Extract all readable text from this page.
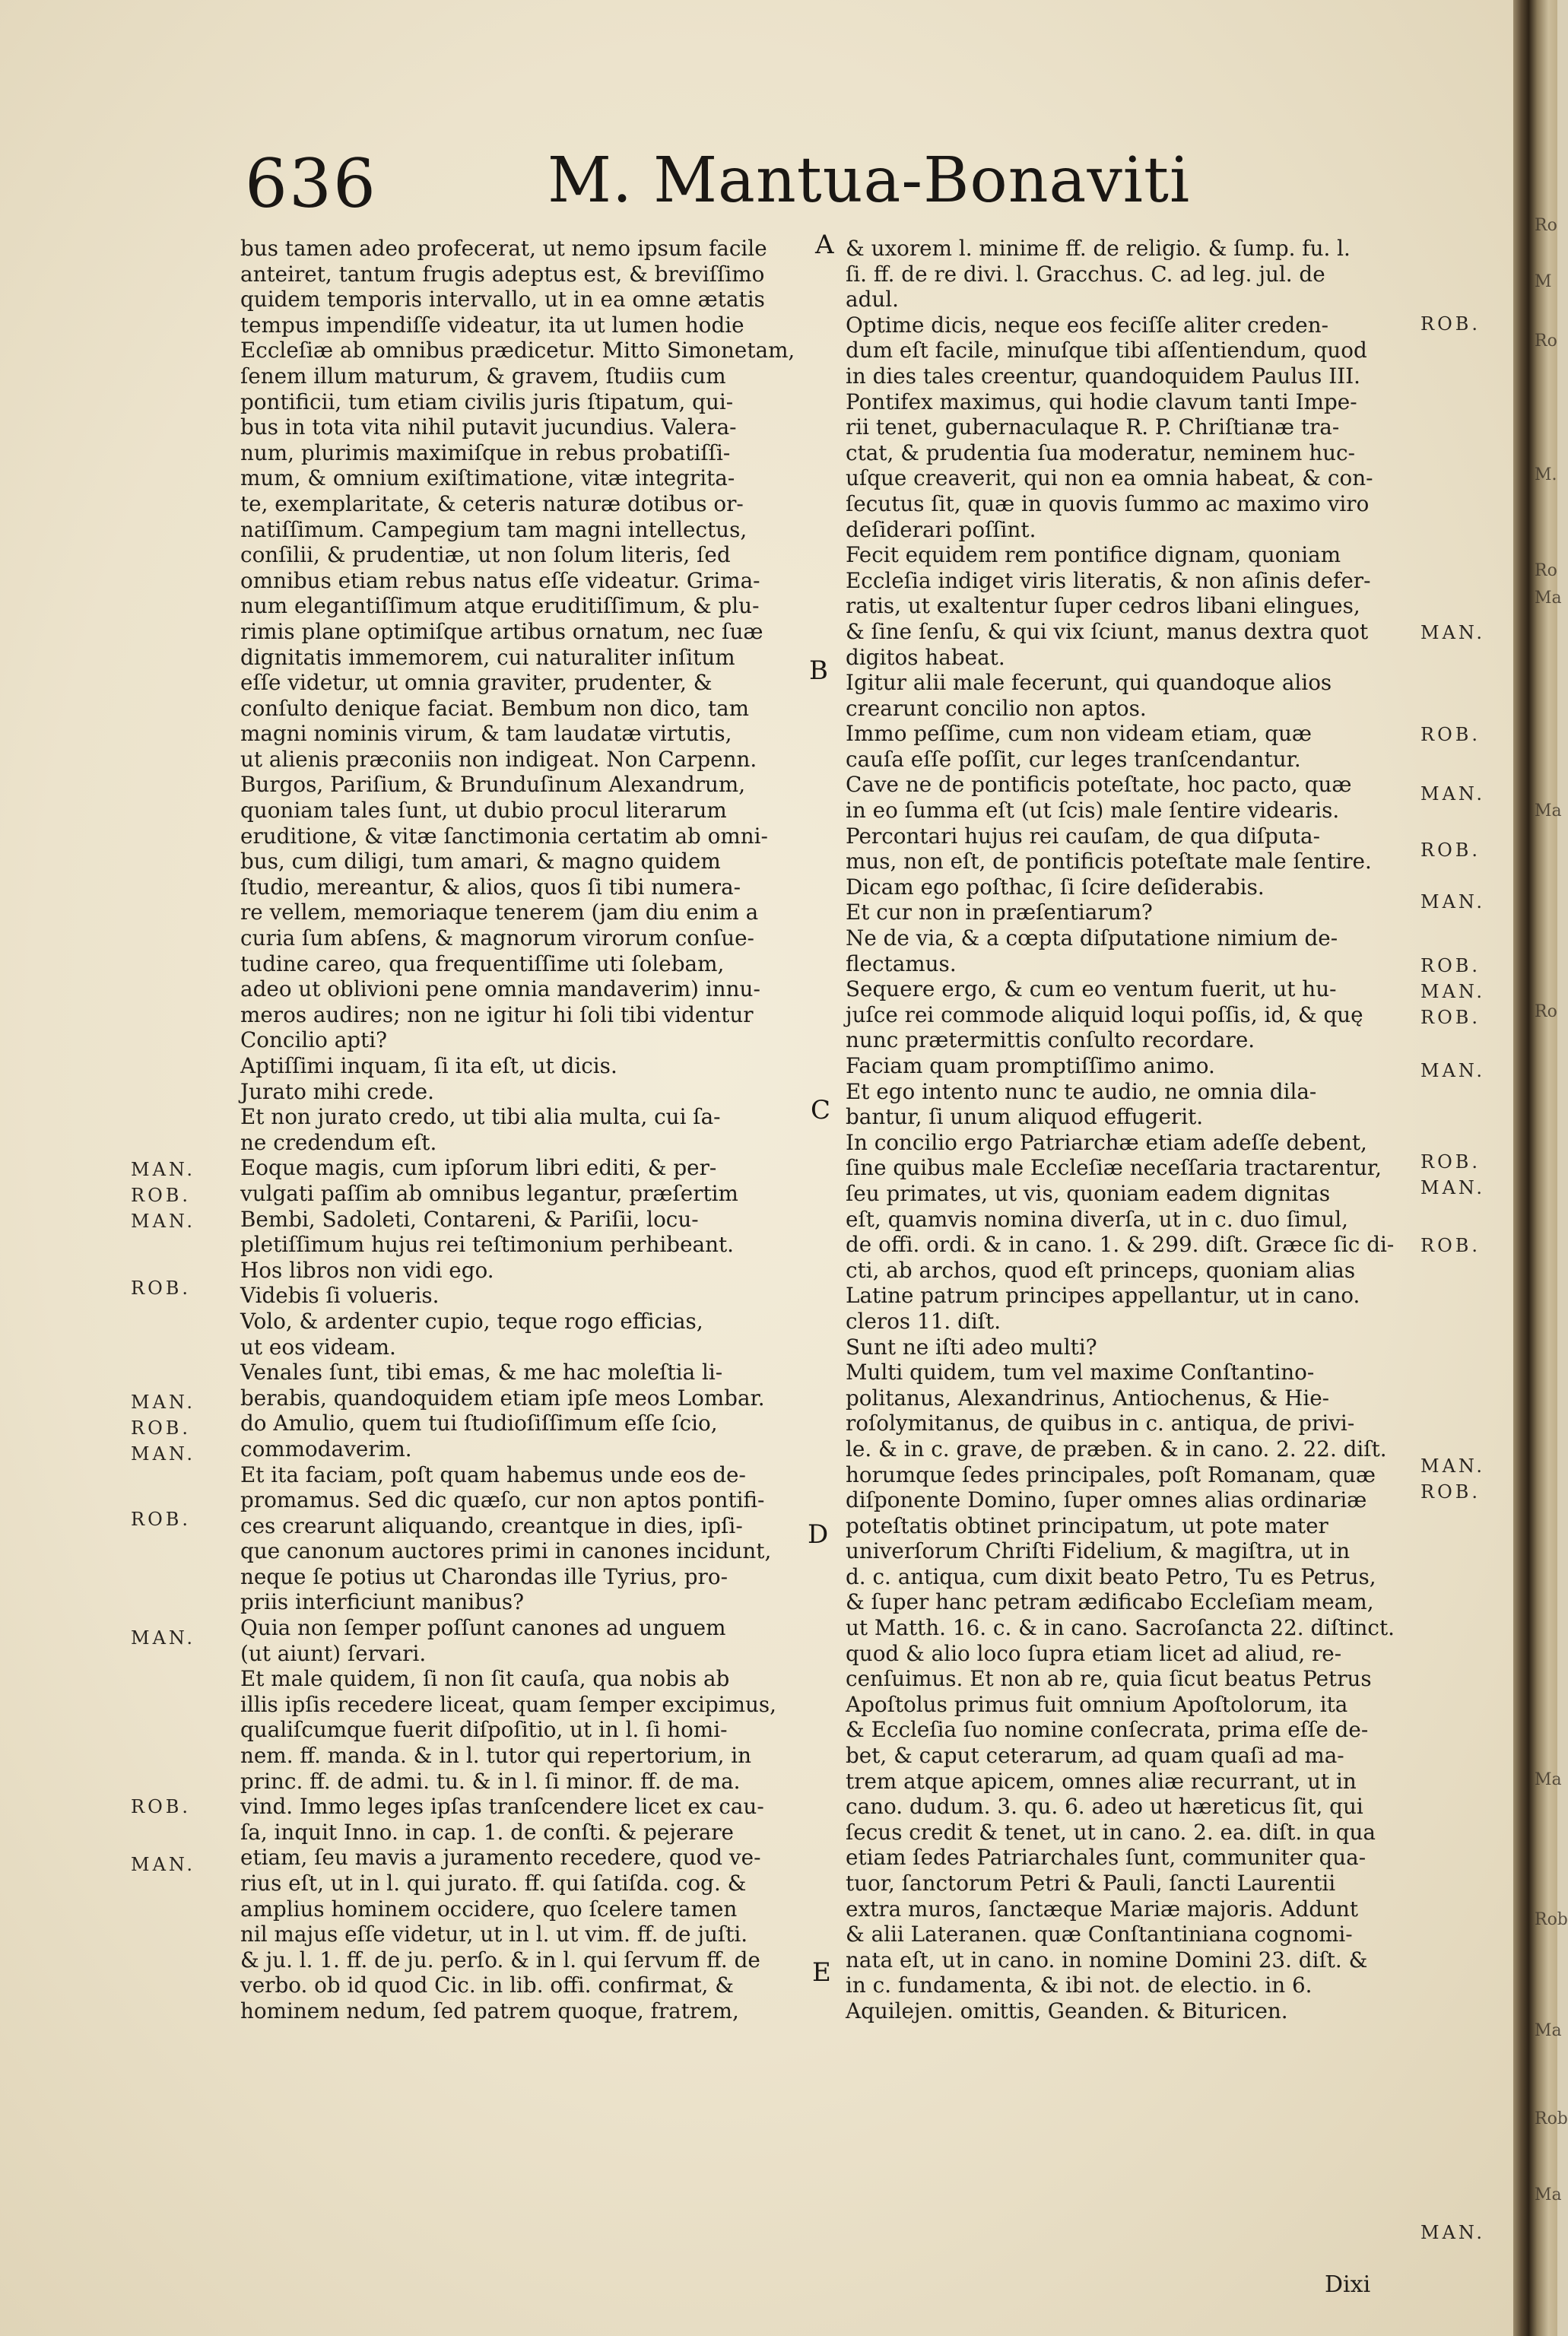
636	M. Mantua-Bonaviti
A
B
C
D
E
bus tamen adeo profecerat, ut nemo ipsum facile
anteiret, tantum frugis adeptus est, & breviſſimo
quidem temporis intervallo, ut in ea omne ætatis
tempus impendiſſe videatur, ita ut lumen hodie
Eccleſiæ ab omnibus prædicetur. Mitto Simonetam,
ſenem illum maturum, & gravem, ſtudiis cum
pontificii, tum etiam civilis juris ſtipatum, qui-
bus in tota vita nihil putavit jucundius. Valera-
num, plurimis maximiſque in rebus probatiſſi-
mum, & omnium exiſtimatione, vitæ integrita-
te, exemplaritate, & ceteris naturæ dotibus or-
natiſſimum. Campegium tam magni intellectus,
conſilii, & prudentiæ, ut non ſolum literis, ſed
omnibus etiam rebus natus eſſe videatur. Grima-
num elegantiſſimum atque eruditiſſimum, & plu-
rimis plane optimiſque artibus ornatum, nec ſuæ
dignitatis immemorem, cui naturaliter inſitum
eſſe videtur, ut omnia graviter, prudenter, &
conſulto denique faciat. Bembum non dico, tam
magni nominis virum, & tam laudatæ virtutis,
ut alienis præconiis non indigeat. Non Carpenn.
Burgos, Pariſium, & Brunduſinum Alexandrum,
quoniam tales ſunt, ut dubio procul literarum
eruditione, & vitæ ſanctimonia certatim ab omni-
bus, cum diligi, tum amari, & magno quidem
ſtudio, mereantur, & alios, quos ſi tibi numera-
re vellem, memoriaque tenerem (jam diu enim a
curia ſum abſens, & magnorum virorum conſue-
tudine careo, qua frequentiſſime uti ſolebam,
adeo ut oblivioni pene omnia mandaverim) innu-
meros audires; non ne igitur hi ſoli tibi videntur
Concilio apti?
Aptiſſimi inquam, ſi ita eſt, ut dicis.
Jurato mihi crede.
Et non jurato credo, ut tibi alia multa, cui ſa-
ne credendum eſt.
Eoque magis, cum ipſorum libri editi, & per-
vulgati paſſim ab omnibus legantur, præſertim
Bembi, Sadoleti, Contareni, & Pariſii, locu-
pletiſſimum hujus rei teſtimonium perhibeant.
Hos libros non vidi ego.
Videbis ſi volueris.
Volo, & ardenter cupio, teque rogo efficias,
ut eos videam.
Venales ſunt, tibi emas, & me hac moleſtia li-
berabis, quandoquidem etiam ipſe meos Lombar.
do Amulio, quem tui ſtudioſiſſimum eſſe ſcio,
commodaverim.
Et ita faciam, poſt quam habemus unde eos de-
promamus. Sed dic quæſo, cur non aptos pontifi-
ces crearunt aliquando, creantque in dies, ipſi-
que canonum auctores primi in canones incidunt,
neque ſe potius ut Charondas ille Tyrius, pro-
priis interficiunt manibus?
Quia non ſemper poſſunt canones ad unguem
(ut aiunt) ſervari.
Et male quidem, ſi non ſit cauſa, qua nobis ab
illis ipſis recedere liceat, quam ſemper excipimus,
qualiſcumque fuerit diſpoſitio, ut in l. ſi homi-
nem. ff. manda. & in l. tutor qui repertorium, in
princ. ff. de admi. tu. & in l. ſi minor. ff. de ma.
vind. Immo leges ipſas tranſcendere licet ex cau-
ſa, inquit Inno. in cap. 1. de conſti. & pejerare
etiam, ſeu mavis a juramento recedere, quod ve-
rius eſt, ut in l. qui jurato. ff. qui ſatiſda. cog. &
amplius hominem occidere, quo ſcelere tamen
nil majus eſſe videtur, ut in l. ut vim. ff. de juſti.
& ju. l. 1. ff. de ju. perſo. & in l. qui ſervum ff. de
verbo. ob id quod Cic. in lib. offi. confirmat, &
hominem nedum, ſed patrem quoque, fratrem,
& uxorem l. minime ff. de religio. & ſump. fu. l.
ſi. ff. de re divi. l. Gracchus. C. ad leg. jul. de
adul.
Optime dicis, neque eos feciſſe aliter creden-
dum eſt facile, minuſque tibi aſſentiendum, quod
in dies tales creentur, quandoquidem Paulus III.
Pontifex maximus, qui hodie clavum tanti Impe-
rii tenet, gubernaculaque R. P. Chriſtianæ tra-
ctat, & prudentia ſua moderatur, neminem huc-
uſque creaverit, qui non ea omnia habeat, & con-
ſecutus ſit, quæ in quovis ſummo ac maximo viro
deſiderari poſſint.
Fecit equidem rem pontifice dignam, quoniam
Eccleſia indiget viris literatis, & non aſinis defer-
ratis, ut exaltentur ſuper cedros libani elingues,
& ſine ſenſu, & qui vix ſciunt, manus dextra quot
digitos habeat.
Igitur alii male fecerunt, qui quandoque alios
crearunt concilio non aptos.
Immo peſſime, cum non videam etiam, quæ
cauſa eſſe poſſit, cur leges tranſcendantur.
Cave ne de pontificis poteſtate, hoc pacto, quæ
in eo ſumma eſt (ut ſcis) male ſentire videaris.
Percontari hujus rei cauſam, de qua diſputa-
mus, non eſt, de pontificis poteſtate male ſentire.
Dicam ego poſthac, ſi ſcire deſiderabis.
Et cur non in præſentiarum?
Ne de via, & a cœpta diſputatione nimium de-
flectamus.
Sequere ergo, & cum eo ventum fuerit, ut hu-
juſce rei commode aliquid loqui poſſis, id, & quę
nunc prætermittis conſulto recordare.
Faciam quam promptiſſimo animo.
Et ego intento nunc te audio, ne omnia dila-
bantur, ſi unum aliquod effugerit.
In concilio ergo Patriarchæ etiam adeſſe debent,
ſine quibus male Eccleſiæ neceſſaria tractarentur,
ſeu primates, ut vis, quoniam eadem dignitas
eſt, quamvis nomina diverſa, ut in c. duo ſimul,
de offi. ordi. & in cano. 1. & 299. diſt. Græce ſic di-
cti, ab archos, quod eſt princeps, quoniam alias
Latine patrum principes appellantur, ut in cano.
cleros 11. diſt.
Sunt ne iſti adeo multi?
Multi quidem, tum vel maxime Conſtantino-
politanus, Alexandrinus, Antiochenus, & Hie-
roſolymitanus, de quibus in c. antiqua, de privi-
le. & in c. grave, de præben. & in cano. 2. 22. diſt.
horumque ſedes principales, poſt Romanam, quæ
diſponente Domino, ſuper omnes alias ordinariæ
poteſtatis obtinet principatum, ut pote mater
univerſorum Chriſti Fidelium, & magiſtra, ut in
d. c. antiqua, cum dixit beato Petro, Tu es Petrus,
& ſuper hanc petram ædificabo Eccleſiam meam,
ut Matth. 16. c. & in cano. Sacroſancta 22. diſtinct.
quod & alio loco ſupra etiam licet ad aliud, re-
cenſuimus. Et non ab re, quia ſicut beatus Petrus
Apoſtolus primus fuit omnium Apoſtolorum, ita
& Eccleſia ſuo nomine conſecrata, prima eſſe de-
bet, & caput ceterarum, ad quam quaſi ad ma-
trem atque apicem, omnes aliæ recurrant, ut in
cano. dudum. 3. qu. 6. adeo ut hæreticus ſit, qui
ſecus credit & tenet, ut in cano. 2. ea. diſt. in qua
etiam ſedes Patriarchales ſunt, communiter qua-
tuor, ſanctorum Petri & Pauli, ſancti Laurentii
extra muros, ſanctæque Mariæ majoris. Addunt
& alii Lateranen. quæ Conſtantiniana cognomi-
nata eſt, ut in cano. in nomine Domini 23. diſt. &
in c. fundamenta, & ibi not. de electio. in 6.
Aquilejen. omittis, Geanden. & Bituricen.
MAN.
ROB.
MAN.
ROB.
MAN.
ROB.
MAN.
ROB.
MAN.
ROB.
MAN.
ROB.
MAN.
ROB.
MAN.
ROB.
MAN.
ROB.
MAN.
ROB.
MAN.
ROB.
MAN.
ROB.
MAN.
ROB.
MAN.
Ro
M
Ro
M.
Ro
Ma
Ma
Ro
Ma
Rob
Ma
Rob
Ma
Dixi
